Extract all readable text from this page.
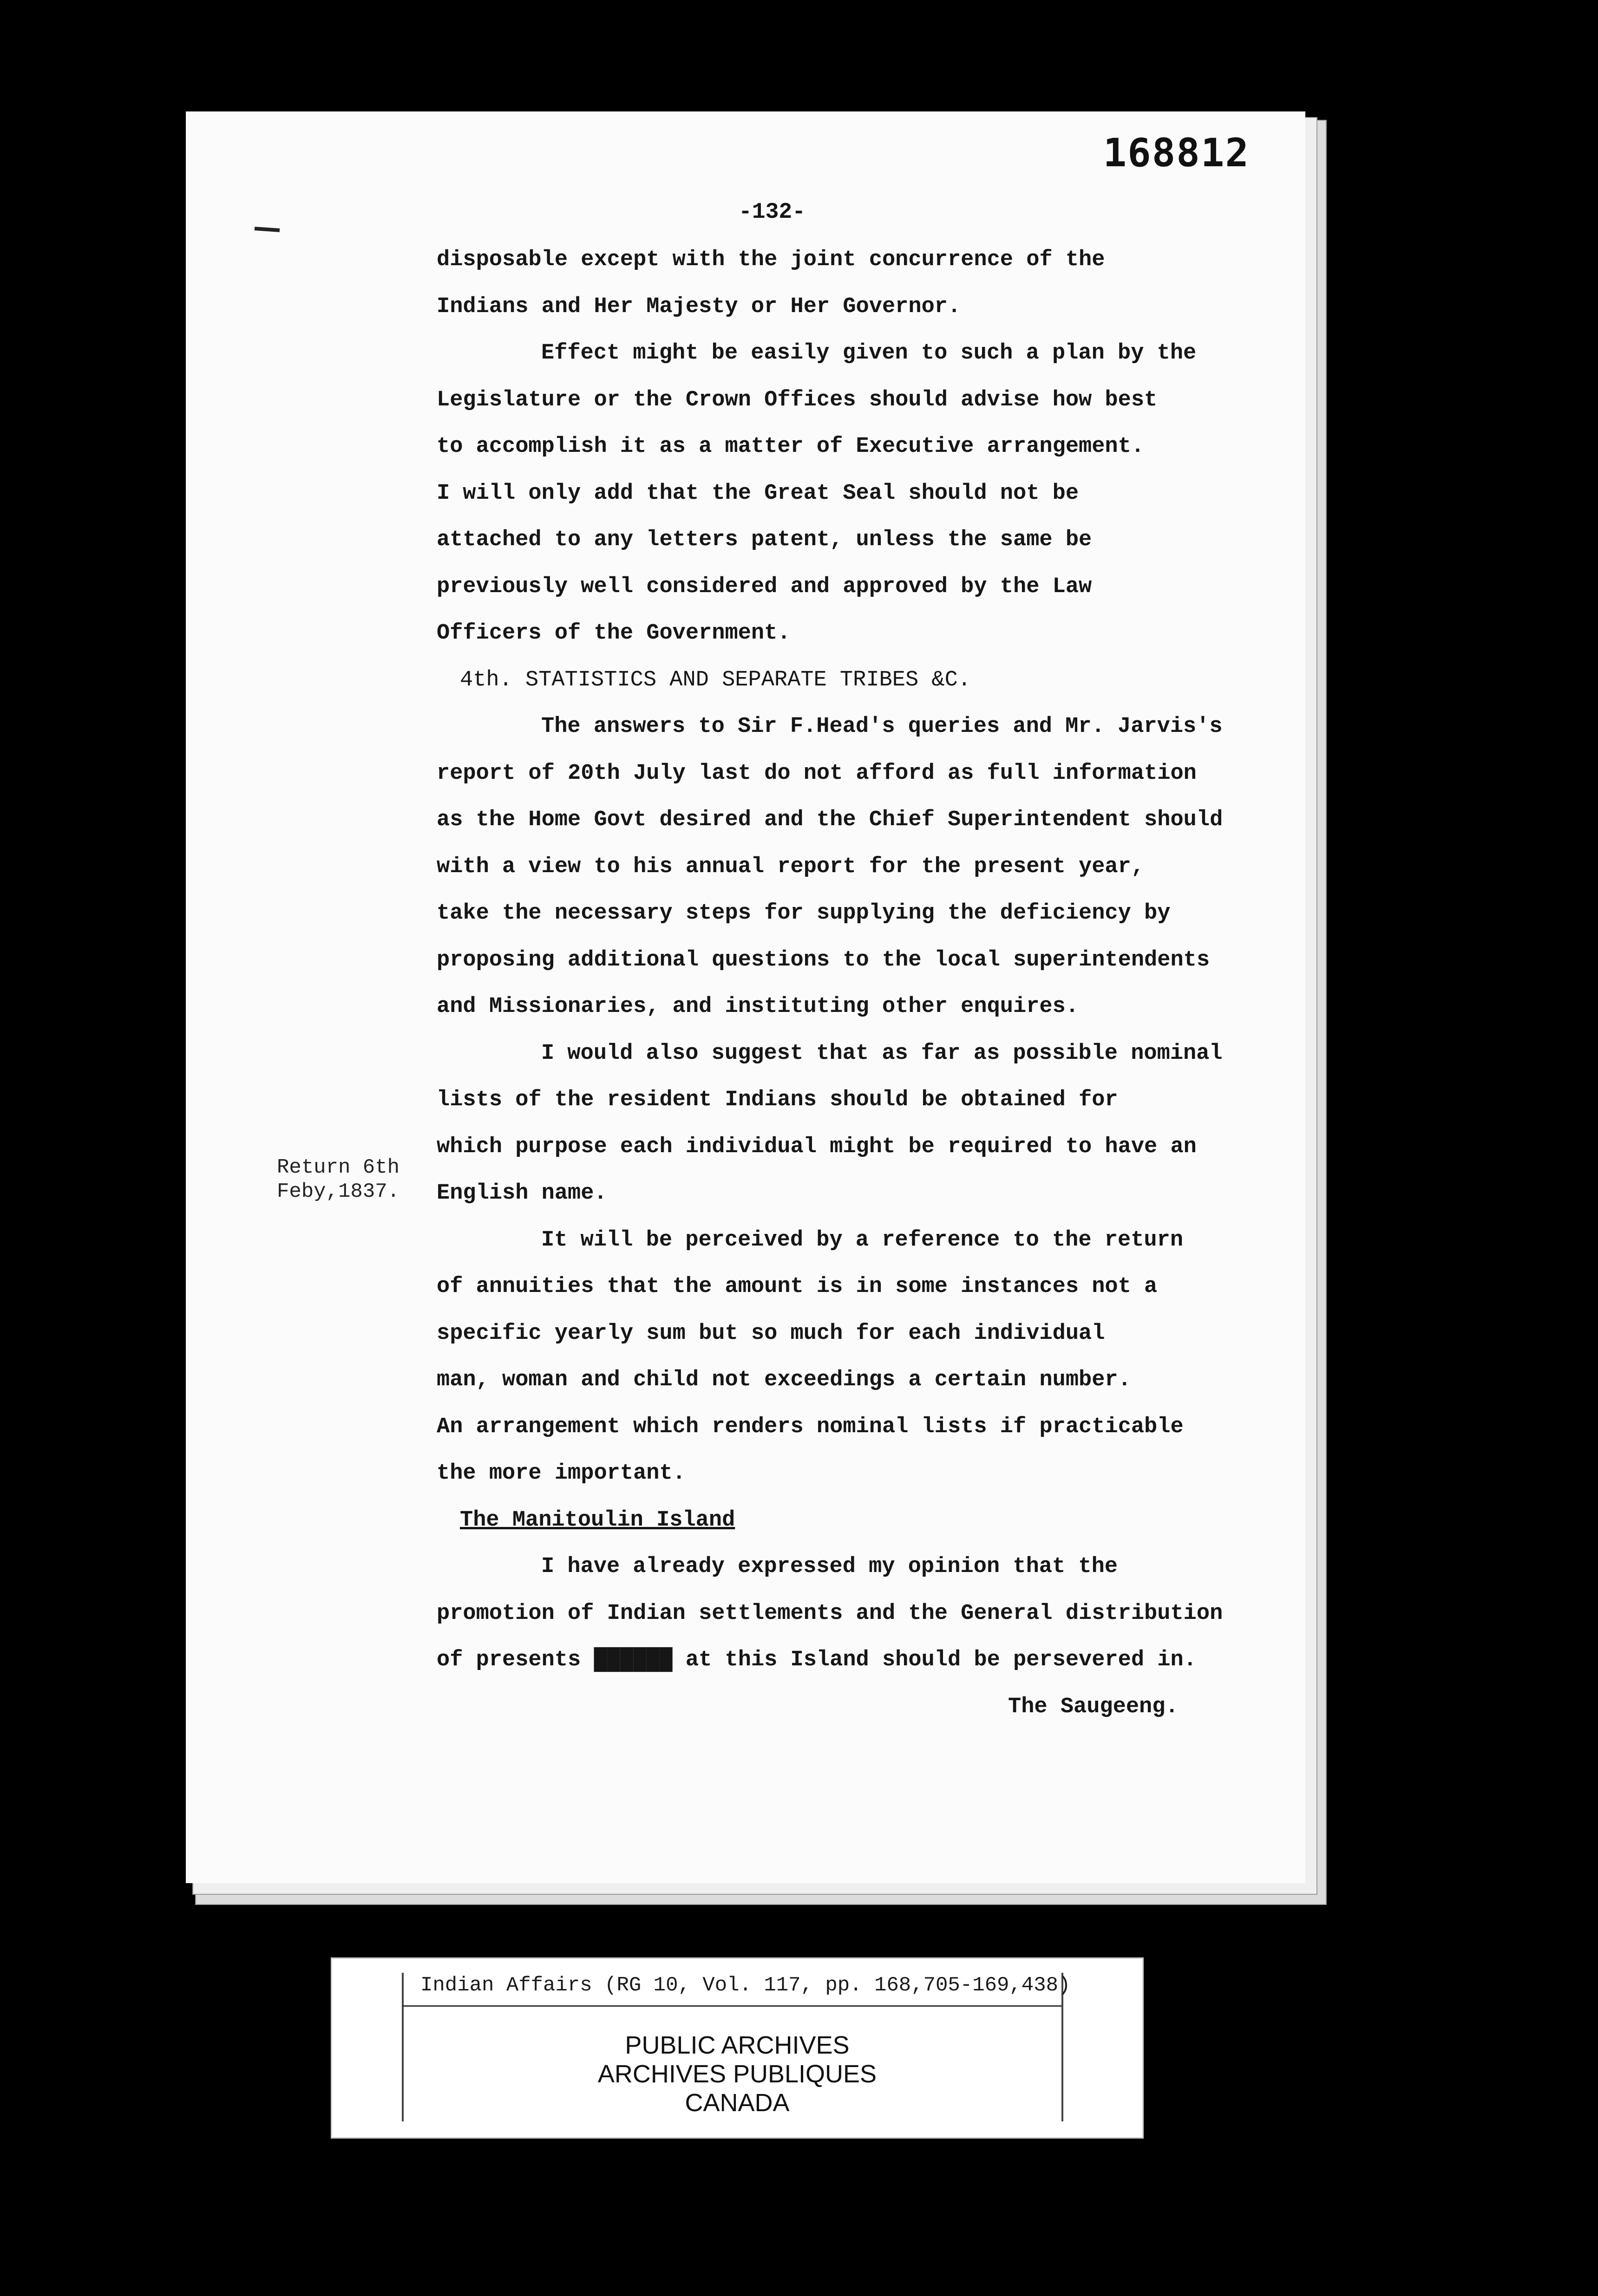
168812
-132-
disposable except with the joint concurrence of the
Indians and Her Majesty or Her Governor.
Effect might be easily given to such a plan by the
Legislature or the Crown Offices should advise how best
to accomplish it as a matter of Executive arrangement.
I will only add that the Great Seal should not be
attached to any letters patent, unless the same be
previously well considered and approved by the Law
Officers of the Government.
4th. STATISTICS AND SEPARATE TRIBES &C.
The answers to Sir F.Head's queries and Mr. Jarvis's
report of 20th July last do not afford as full information
as the Home Govt desired and the Chief Superintendent should
with a view to his annual report for the present year,
take the necessary steps for supplying the deficiency by
proposing additional questions to the local superintendents
and Missionaries, and instituting other enquires.
I would also suggest that as far as possible nominal
lists of the resident Indians should be obtained for
which purpose each individual might be required to have an
English name.
It will be perceived by a reference to the return
of annuities that the amount is in some instances not a
specific yearly sum but so much for each individual
man, woman and child not exceedings a certain number.
An arrangement which renders nominal lists if practicable
the more important.
The Manitoulin Island
I have already expressed my opinion that the
promotion of Indian settlements and the General distribution
of presents ██████ at this Island should be persevered in.
The Saugeeng.
Return 6th
Feby,1837.
Indian Affairs (RG 10, Vol. 117, pp. 168,705-169,438)
PUBLIC ARCHIVES
ARCHIVES PUBLIQUES
CANADA
